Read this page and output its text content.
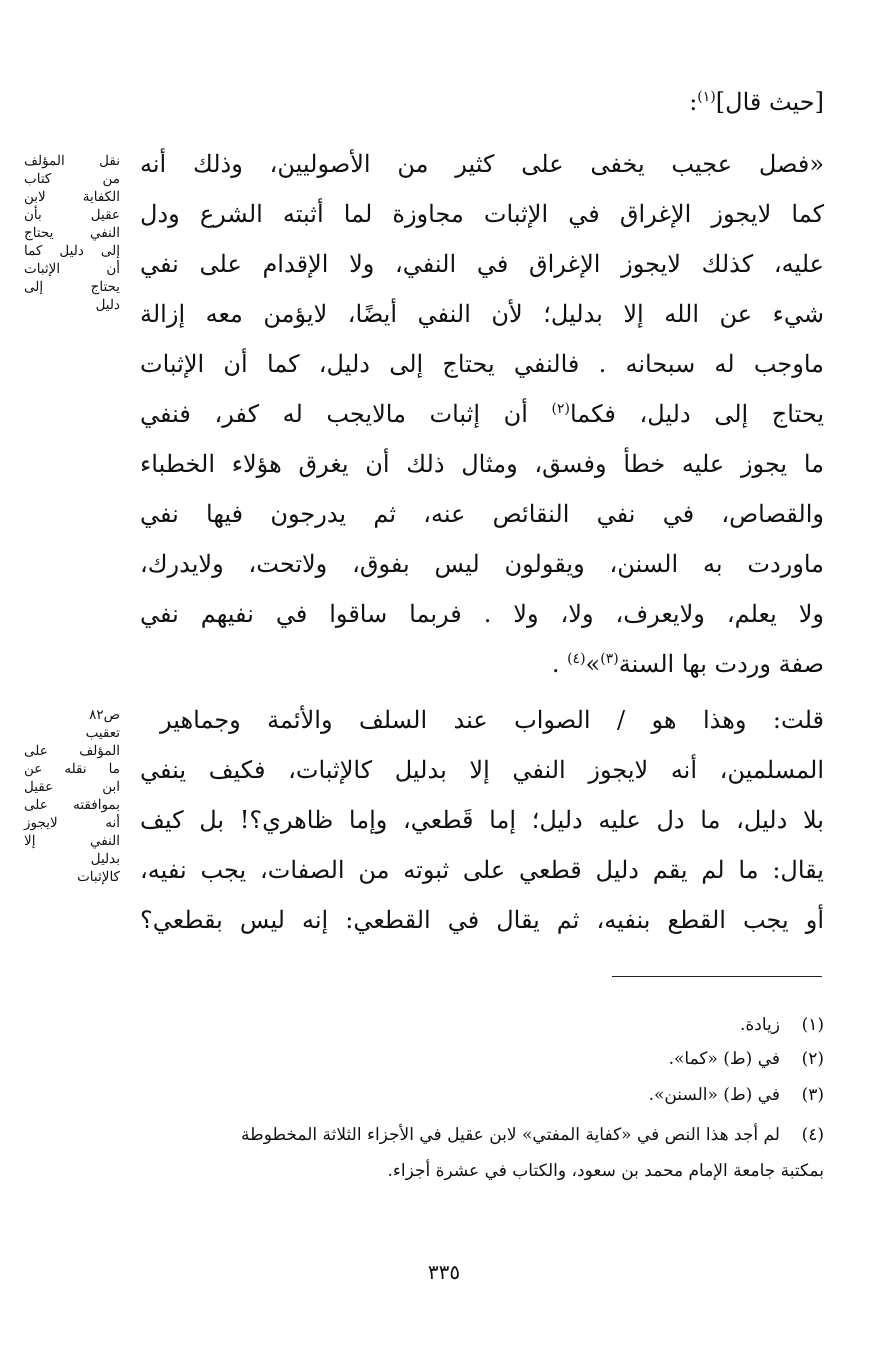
[حيث قال]$^{(١)}$:
نقل المؤلف
من كتاب
الكفاية لابن
عقيل بأن
النفي يحتاج
إلى دليل كما
أن الإثبات
يحتاج إلى
دليل
«فصل عجيب يخفى على كثير من الأصوليين، وذلك أنه
كما لايجوز الإغراق في الإثبات مجاوزة لما أثبته الشرع ودل
عليه، كذلك لايجوز الإغراق في النفي، ولا الإقدام على نفي
شيء عن الله إلا بدليل؛ لأن النفي أيضًا، لايؤمن معه إزالة
ماوجب له سبحانه . فالنفي يحتاج إلى دليل، كما أن الإثبات
يحتاج إلى دليل، فكما$^{(٢)}$ أن إثبات مالايجب له كفر، فنفي
ما يجوز عليه خطأ وفسق، ومثال ذلك أن يغرق هؤلاء الخطباء
والقصاص، في نفي النقائص عنه، ثم يدرجون فيها نفي
ماوردت به السنن، ويقولون ليس بفوق، ولاتحت، ولايدرك،
ولا يعلم، ولايعرف، ولا، ولا . فربما ساقوا في نفيهم نفي
صفة وردت بها السنة$^{(٣)}$»$^{(٤)}$ .
ص٨٢
تعقيب
المؤلف على
ما نقله عن
ابن عقيل
بموافقته على
أنه لايجوز
النفي إلا
بدليل
كالإثبات
قلت: وهذا هو / الصواب عند السلف والأئمة وجماهير
المسلمين، أنه لايجوز النفي إلا بدليل كالإثبات، فكيف ينفي
بلا دليل، ما دل عليه دليل؛ إما قَطعي، وإما ظاهري؟! بل كيف
يقال: ما لم يقم دليل قطعي على ثبوته من الصفات، يجب نفيه،
أو يجب القطع بنفيه، ثم يقال في القطعي: إنه ليس بقطعي؟
(١)زيادة.
(٢)في (ط) «كما».
(٣)في (ط) «السنن».
(٤)لم أجد هذا النص في «كفاية المفتي» لابن عقيل في الأجزاء الثلاثة المخطوطة
بمكتبة جامعة الإمام محمد بن سعود، والكتاب في عشرة أجزاء.
٣٣٥
